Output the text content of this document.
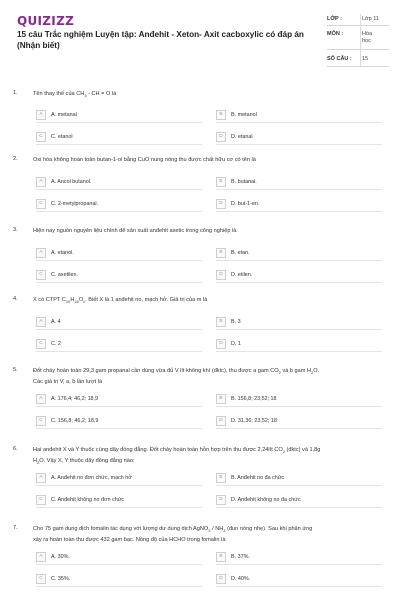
QUIZIZZ
15 câu Trắc nghiệm Luyện tập: Anđehit - Xeton- Axit cacboxylic có đáp án (Nhận biết)
LỚP :	Lớp 11
MÔN :	Hóa
học
SỐ CÂU : 15
1.	Tên thay thế của $CH_3$ - CH = O là
A	A. metanal	B	B. metanol
C	C. etanol	D	D. etanal
2.	Oxi hóa không hoàn toàn butan-1-ol bằng CuO nung nóng thu được chất hữu cơ có tên là
A	A. Ancol butanol.	B	B. butanal.
C	C. 2-metylpropanal.	D	D. but-1-en.
3.	Hiện nay nguồn nguyên liệu chính để sản xuất anđehit axetic trong công nghiệp là
A	A. etanol.	B	B. etan.
C	C. axetilen.	D	D. etilen.
4.	X có CTPT $C_{10}H_{16}O_x$. Biết X là 1 anđehit no, mạch hở. Giá trị của m là
A	A. 4	B	B. 3
C	C. 2	D	D. 1
5.	Đốt cháy hoàn toàn 29,3 gam propanal cần dùng vừa đủ V lít không khí (đktc), thu được a gam $CO_2$ và b gam $H_2O$.
Các giá trị V, a, b lần lượt là
A	A. 176,4; 46,2; 18,9	B	B. 156,8; 23,52; 18
C	C. 156,8; 46,2; 18,9	D	D. 31,36; 23,52; 18
6.	Hai anđehit X và Y thuộc cùng dãy đồng đẳng. Đốt cháy hoàn toàn hỗn hợp trên thu được 2,24lít $CO_2$ (đktc) và 1,8g
$H_2O$. Vậy X, Y thuộc dãy đồng đẳng nào:
A	A. Anđehit no đơn chức, mạch hở	B	B. Anđehit no đa chức
C	C. Anđehit không no đơn chức	D	D. Anđehit không no đa chức
7.	Cho 75 gam dung dịch fomalin tác dụng với lượng dư dung dịch AgNO$_3$ / $NH_3$ (đun nóng nhẹ). Sau khi phản ứng
xảy ra hoàn toàn thu được 432 gam bạc. Nồng độ của HCHO trong fomalin là
A	A. 30%.	B	B. 37%.
C	C. 35%.	D	D. 40%.
